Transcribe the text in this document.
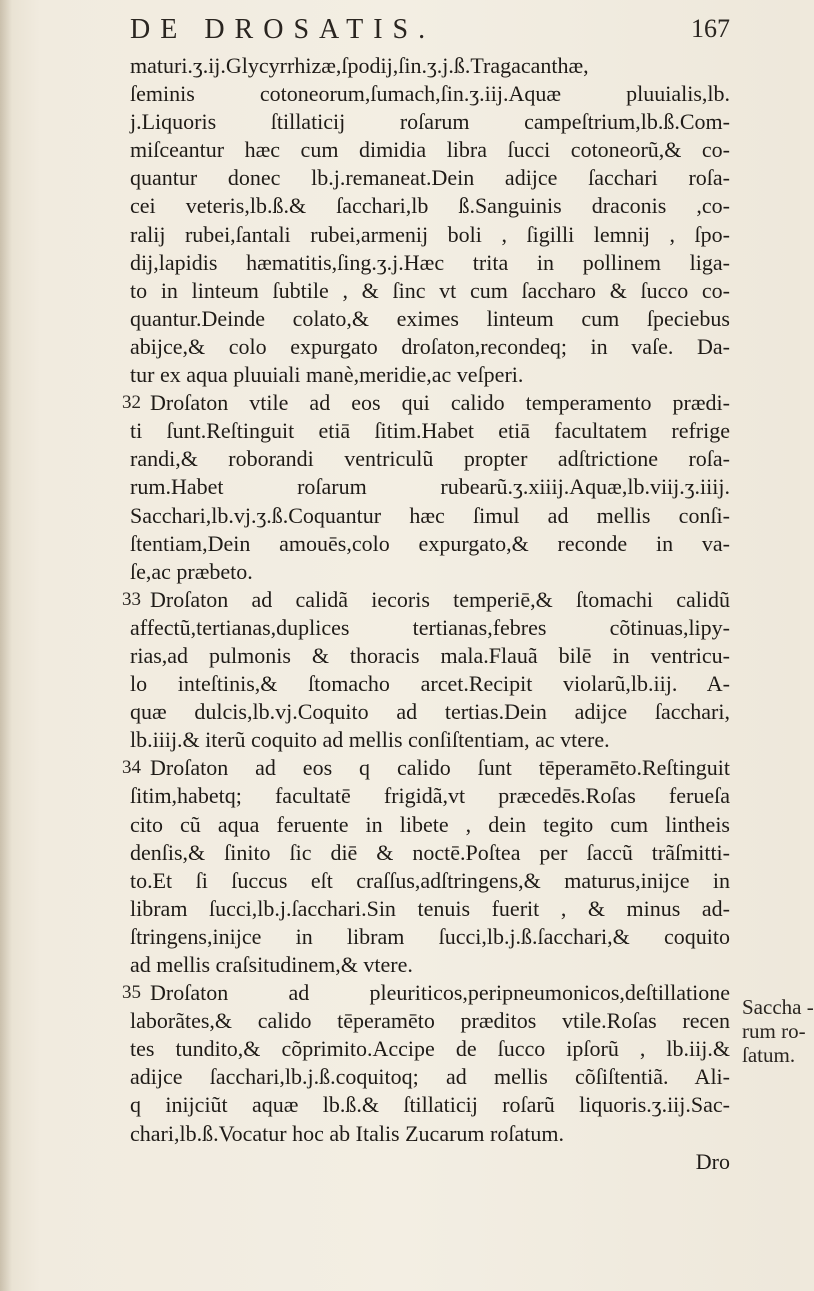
DE DROSATIS.	167
maturi.ʒ.ij.Glycyrrhizæ,ſpodij,ſin.ʒ.j.ß.Tragacanthæ,
ſeminis cotoneorum,ſumach,ſin.ʒ.iij.Aquæ pluuialis,lb.
j.Liquoris ſtillaticij roſarum campeſtrium,lb.ß.Com-
miſceantur hæc cum dimidia libra ſucci cotoneorũ,& co-
quantur donec lb.j.remaneat.Dein adijce ſacchari roſa-
cei veteris,lb.ß.& ſacchari,lb ß.Sanguinis draconis ,co-
ralij rubei,ſantali rubei,armenij boli , ſigilli lemnij , ſpo-
dij,lapidis hæmatitis,ſing.ʒ.j.Hæc trita in pollinem liga-
to in linteum ſubtile , & ſinc vt cum ſaccharo & ſucco co-
quantur.Deinde colato,& eximes linteum cum ſpeciebus
abijce,& colo expurgato droſaton,recondeq; in vaſe. Da-
tur ex aqua pluuiali manè,meridie,ac veſperi.
32 Droſaton vtile ad eos qui calido temperamento prædi-
ti ſunt.Reſtinguit etiā ſitim.Habet etiā facultatem refrige
randi,& roborandi ventriculũ propter adſtrictione roſa-
rum.Habet roſarum rubearũ.ʒ.xiiij.Aquæ,lb.viij.ʒ.iiij.
Sacchari,lb.vj.ʒ.ß.Coquantur hæc ſimul ad mellis conſi-
ſtentiam,Dein amouēs,colo expurgato,& reconde in va-
ſe,ac præbeto.
33 Droſaton ad calidã iecoris temperiē,& ſtomachi calidũ
affectũ,tertianas,duplices tertianas,febres cõtinuas,lipy-
rias,ad pulmonis & thoracis mala.Flauã bilē in ventricu-
lo inteſtinis,& ſtomacho arcet.Recipit violarũ,lb.iij. A-
quæ dulcis,lb.vj.Coquito ad tertias.Dein adijce ſacchari,
lb.iiij.& iterũ coquito ad mellis conſiſtentiam, ac vtere.
34 Droſaton ad eos q calido ſunt tēperamēto.Reſtinguit
ſitim,habetq; facultatē frigidã,vt præcedēs.Roſas ferueſa
cito cũ aqua feruente in libete , dein tegito cum lintheis
denſis,& ſinito ſic diē & noctē.Poſtea per ſaccũ trãſmitti-
to.Et ſi ſuccus eſt craſſus,adſtringens,& maturus,inijce in
libram ſucci,lb.j.ſacchari.Sin tenuis fuerit , & minus ad-
ſtringens,inijce in libram ſucci,lb.j.ß.ſacchari,& coquito
ad mellis craſsitudinem,& vtere.
35 Droſaton ad pleuriticos,peripneumonicos,deſtillatione
laborãtes,& calido tēperamēto præditos vtile.Roſas recen
tes tundito,& cõprimito.Accipe de ſucco ipſorũ , lb.iij.&
adijce ſacchari,lb.j.ß.coquitoq; ad mellis cõſiſtentiã. Ali-
q inijciũt aquæ lb.ß.& ſtillaticij roſarũ liquoris.ʒ.iij.Sac-
chari,lb.ß.Vocatur hoc ab Italis Zucarum roſatum.
Dro
Saccha -
rum ro-
ſatum.
